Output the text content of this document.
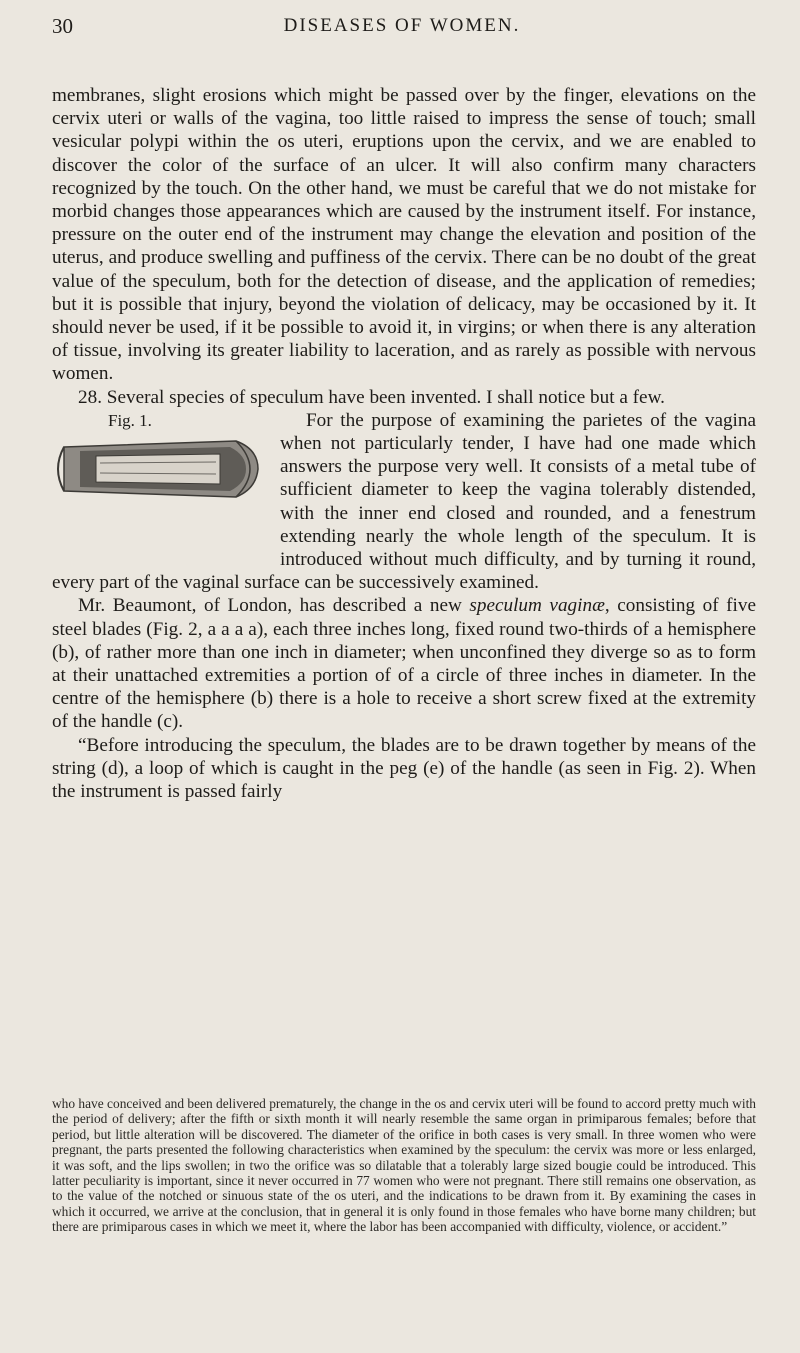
30	DISEASES OF WOMEN.

membranes, slight erosions which might be passed over by the finger, elevations on the cervix uteri or walls of the vagina, too little raised to impress the sense of touch; small vesicular polypi within the os uteri, eruptions upon the cervix, and we are enabled to discover the color of the surface of an ulcer. It will also confirm many characters recognized by the touch. On the other hand, we must be careful that we do not mistake for morbid changes those appearances which are caused by the instrument itself. For instance, pressure on the outer end of the instrument may change the elevation and position of the uterus, and produce swelling and puffiness of the cervix. There can be no doubt of the great value of the speculum, both for the detection of disease, and the application of remedies; but it is possible that injury, beyond the violation of delicacy, may be occasioned by it. It should never be used, if it be possible to avoid it, in virgins; or when there is any alteration of tissue, involving its greater liability to laceration, and as rarely as possible with nervous women.

28. Several species of speculum have been invented. I shall notice but a few.

Fig. 1.	For the purpose of examining the parietes of the vagina when not particularly tender, I have had one made which answers the purpose very well. It consists of a metal tube of sufficient diameter to keep the vagina tolerably distended, with the inner end closed and rounded, and a fenestrum extending nearly the whole length of the speculum. It is introduced without much difficulty, and by turning it round, every part of the vaginal surface can be successively examined.

Mr. Beaumont, of London, has described a new speculum vaginæ, consisting of five steel blades (Fig. 2, a a a a), each three inches long, fixed round two-thirds of a hemisphere (b), of rather more than one inch in diameter; when unconfined they diverge so as to form at their unattached extremities a portion of of a circle of three inches in diameter. In the centre of the hemisphere (b) there is a hole to receive a short screw fixed at the extremity of the handle (c).

“Before introducing the speculum, the blades are to be drawn together by means of the string (d), a loop of which is caught in the peg (e) of the handle (as seen in Fig. 2). When the instrument is passed fairly

who have conceived and been delivered prematurely, the change in the os and cervix uteri will be found to accord pretty much with the period of delivery; after the fifth or sixth month it will nearly resemble the same organ in primiparous females; before that period, but little alteration will be discovered. The diameter of the orifice in both cases is very small. In three women who were pregnant, the parts presented the following characteristics when examined by the speculum: the cervix was more or less enlarged, it was soft, and the lips swollen; in two the orifice was so dilatable that a tolerably large sized bougie could be introduced. This latter peculiarity is important, since it never occurred in 77 women who were not pregnant. There still remains one observation, as to the value of the notched or sinuous state of the os uteri, and the indications to be drawn from it. By examining the cases in which it occurred, we arrive at the conclusion, that in general it is only found in those females who have borne many children; but there are primiparous cases in which we meet it, where the labor has been accompanied with difficulty, violence, or accident.”
